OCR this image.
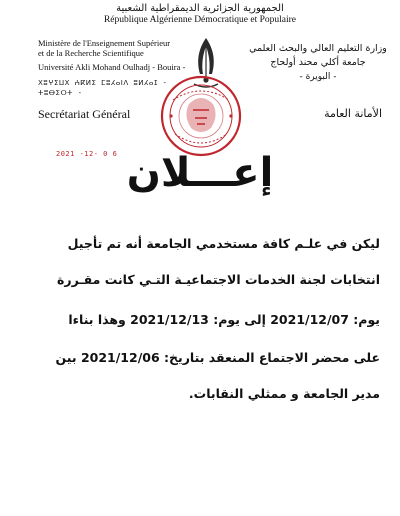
الجمهورية الجزائرية الديمقراطية الشعبية
République Algérienne Démocratique et Populaire
Ministère de l'Enseignement Supérieur
et de la Recherche Scientifique
Université Akli Mohand Oulhadj - Bouira -
ⵝⵓⵖⵉⵡⵝ ⵄⴽⵍⵉ ⵎⵓⵃⴰⵏⴷ ⵓⵍⵃⴰⵊ - ⵜⵓⴱⵉⵔⵜ -
وزارة التعليم العالي والبحث العلمي
جامعة أكلي محند أولحاج
- البويرة -
Secrétariat Général	الأمانة العامة
2021 -12- 0 6 إعـــلان
ليكن في علـم كافة مستخدمي الجامعة أنه تم تأجيل
انتخابات لجنة الخدمات الاجتماعيـة التـي كانت مقـررة
يوم: 2021/12/07 إلى يوم: 2021/12/13 وهذا بناءا
على محضر الاجتماع المنعقد بتاريخ: 2021/12/06 بين
مدير الجامعة و ممثلي النقابات.
